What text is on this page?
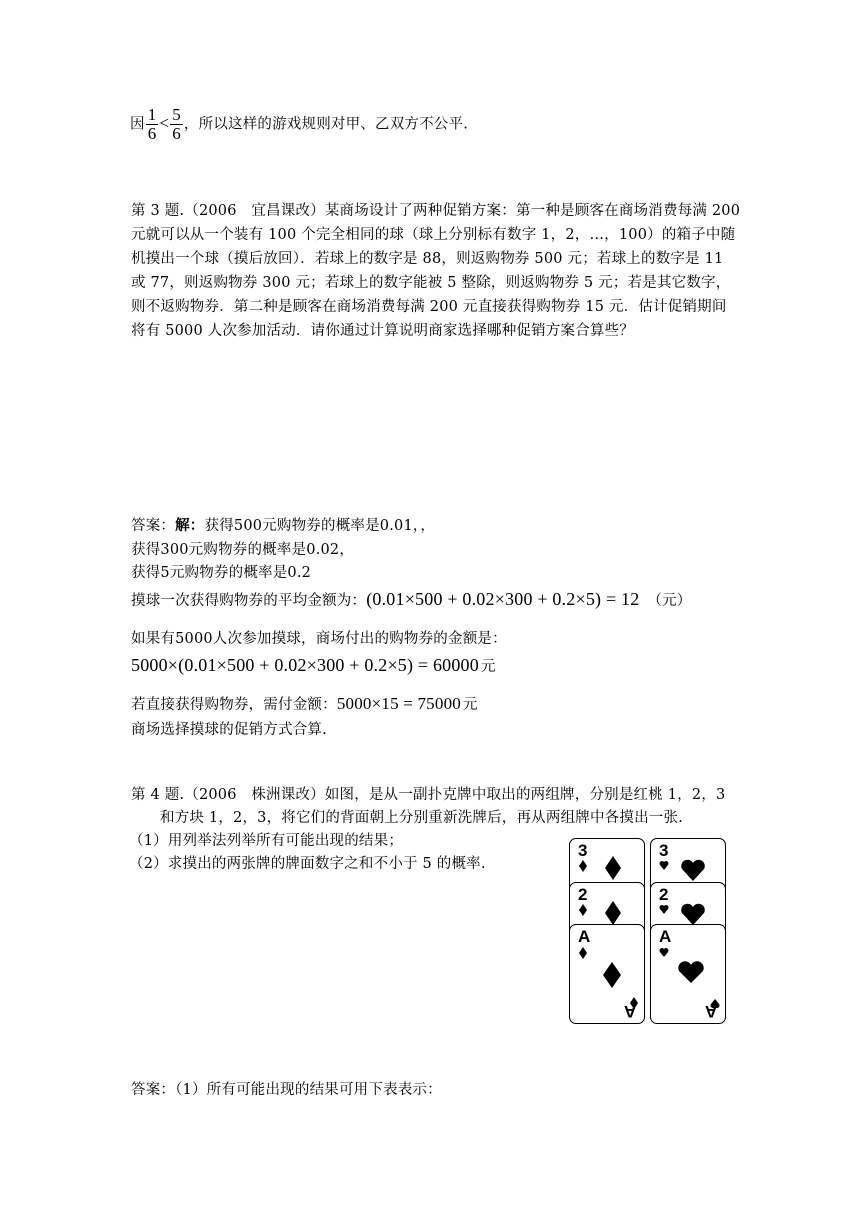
因 $\frac{1}{6} < \frac{5}{6}$ ，所以这样的游戏规则对甲、乙双方不公平.
第 3 题.（2006　宜昌课改）某商场设计了两种促销方案：第一种是顾客在商场消费每满 200
元就可以从一个装有 100 个完全相同的球（球上分别标有数字 1，2，…，100）的箱子中随
机摸出一个球（摸后放回）．若球上的数字是 88，则返购物券 500 元；若球上的数字是 11
或 77，则返购物券 300 元；若球上的数字能被 5 整除，则返购物券 5 元；若是其它数字，
则不返购物券．第二种是顾客在商场消费每满 200 元直接获得购物券 15 元．估计促销期间
将有 5000 人次参加活动．请你通过计算说明商家选择哪种促销方案合算些？
答案：解：获得500元购物券的概率是0.01，，
获得300元购物券的概率是0.02，
获得5元购物券的概率是0.2
摸球一次获得购物券的平均金额为：(0.01×500 + 0.02×300 + 0.2×5) = 12 （元）
如果有5000人次参加摸球，商场付出的购物券的金额是：
5000×(0.01×500 + 0.02×300 + 0.2×5) = 60000 元
若直接获得购物券，需付金额：5000×15 = 75000 元
商场选择摸球的促销方式合算.
第 4 题.（2006　株洲课改）如图，是从一副扑克牌中取出的两组牌，分别是红桃 1，2，3
和方块 1，2，3，将它们的背面朝上分别重新洗牌后，再从两组牌中各摸出一张.
（1）用列举法列举所有可能出现的结果；
（2）求摸出的两张牌的牌面数字之和不小于 5 的概率.
3
2
A
A
3
2
A
A
答案：（1）所有可能出现的结果可用下表表示：
